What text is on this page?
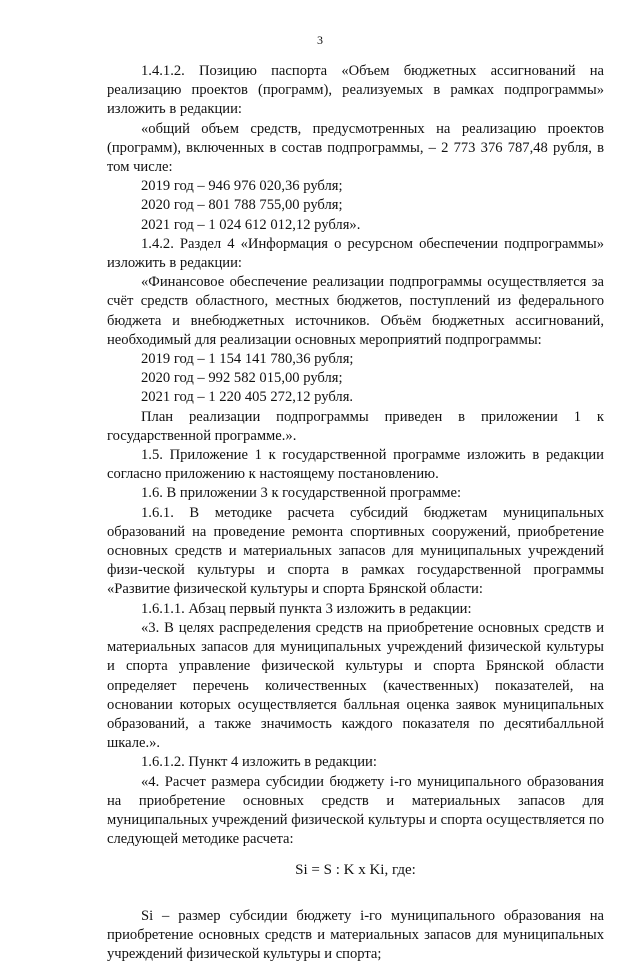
3

1.4.1.2. Позицию паспорта «Объем бюджетных ассигнований на реализацию проектов (программ), реализуемых в рамках подпрограммы» изложить в редакции:

«общий объем средств, предусмотренных на реализацию проектов (программ), включенных в состав подпрограммы, – 2 773 376 787,48 рубля, в том числе:

2019 год – 946 976 020,36 рубля;

2020 год – 801 788 755,00 рубля;

2021 год – 1 024 612 012,12 рубля».

1.4.2. Раздел 4 «Информация о ресурсном обеспечении подпрограммы» изложить в редакции:

«Финансовое обеспечение реализации подпрограммы осуществляется за счёт средств областного, местных бюджетов, поступлений из федерального бюджета и внебюджетных источников. Объём бюджетных ассигнований, необходимый для реализации основных мероприятий подпрограммы:

2019 год – 1 154 141 780,36 рубля;

2020 год – 992 582 015,00 рубля;

2021 год – 1 220 405 272,12 рубля.

План реализации подпрограммы приведен в приложении 1 к государственной программе.».

1.5. Приложение 1 к государственной программе изложить в редакции согласно приложению к настоящему постановлению.

1.6. В приложении 3 к государственной программе:

1.6.1. В методике расчета субсидий бюджетам муниципальных образований на проведение ремонта спортивных сооружений, приобретение основных средств и материальных запасов для муниципальных учреждений физи-ческой культуры и спорта в рамках государственной программы «Развитие физической культуры и спорта Брянской области:

1.6.1.1. Абзац первый пункта 3 изложить в редакции:

«3. В целях распределения средств на приобретение основных средств и материальных запасов для муниципальных учреждений физической культуры и спорта управление физической культуры и спорта Брянской области определяет перечень количественных (качественных) показателей, на основании которых осуществляется балльная оценка заявок муниципальных образований, а также значимость каждого показателя по десятибалльной шкале.».

1.6.1.2. Пункт 4 изложить в редакции:

«4. Расчет размера субсидии бюджету i-го муниципального образования на приобретение основных средств и материальных запасов для муниципальных учреждений физической культуры и спорта осуществляется по следующей методике расчета:

Si = S : K x Ki, где:

Si – размер субсидии бюджету i-го муниципального образования на приобретение основных средств и материальных запасов для муниципальных учреждений физической культуры и спорта;
